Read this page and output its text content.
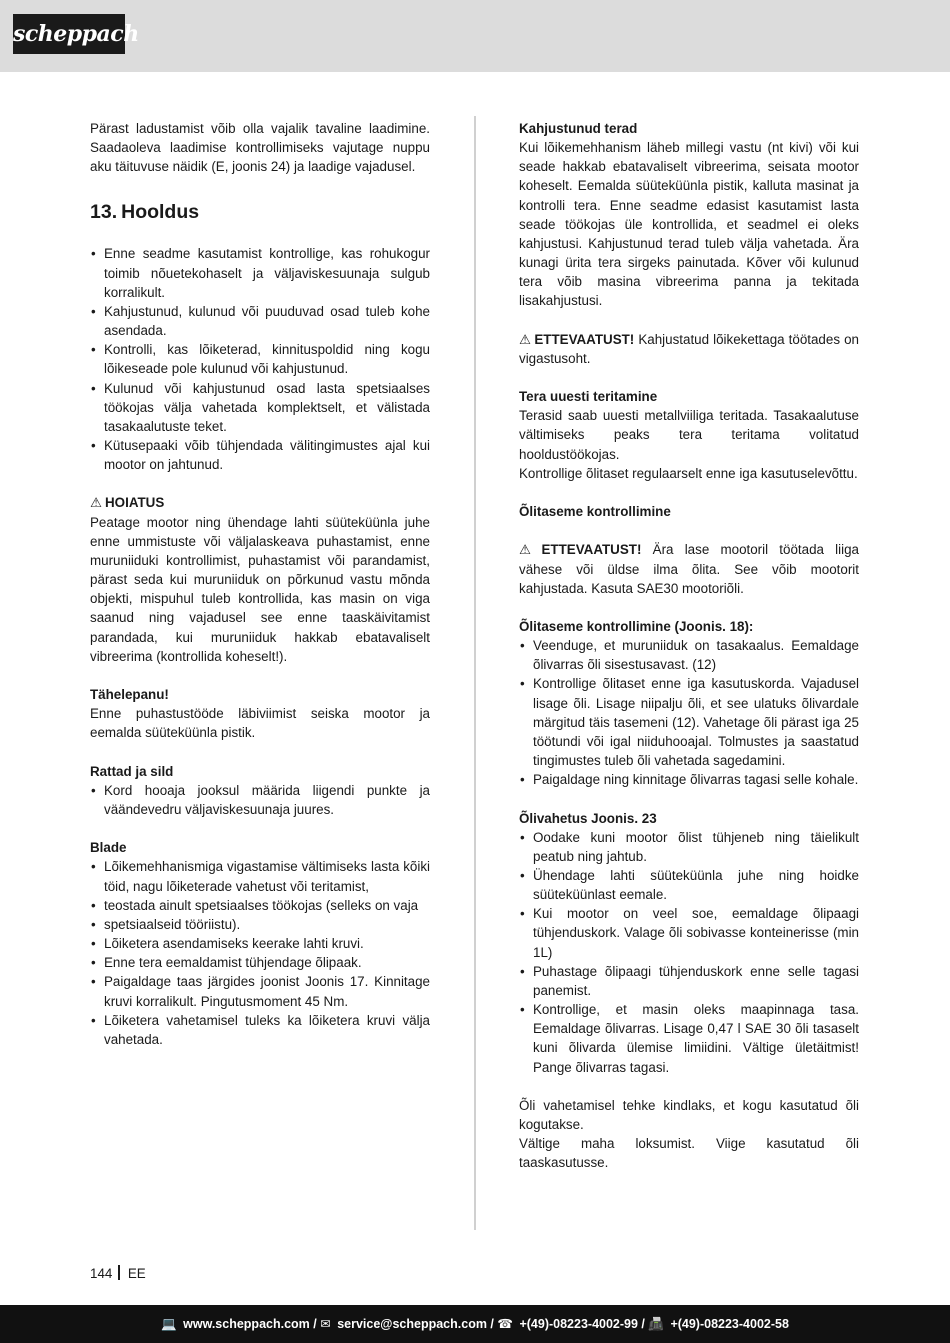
scheppach

Pärast ladustamist võib olla vajalik tavaline laadimine. Saadaoleva laadimise kontrollimiseks vajutage nuppu aku täituvuse näidik (E, joonis 24) ja laadige vajadusel.

13. Hooldus
• Enne seadme kasutamist kontrollige, kas rohukogur toimib nõuetekohaselt ja väljaviskesuunaja sulgub korralikult.
• Kahjustunud, kulunud või puuduvad osad tuleb kohe asendada.
• Kontrolli, kas lõiketerad, kinnituspoldid ning kogu lõikeseade pole kulunud või kahjustunud.
• Kulunud või kahjustunud osad lasta spetsiaalses töökojas välja vahetada komplektselt, et välistada tasakaalutuste teket.
• Kütusepaaki võib tühjendada välitingimustes ajal kui mootor on jahtunud.

⚠ HOIATUS

Peatage mootor ning ühendage lahti süüteküünla juhe enne ummistuste või väljalaskeava puhastamist, enne muruniiduki kontrollimist, puhastamist või parandamist, pärast seda kui muruniiduk on põrkunud vastu mõnda objekti, mispuhul tuleb kontrollida, kas masin on viga saanud ning vajadusel see enne taaskäivitamist parandada, kui muruniiduk hakkab ebatavaliselt vibreerima (kontrollida koheselt!).

Tähelepanu!

Enne puhastustööde läbiviimist seiska mootor ja eemalda süüteküünla pistik.

Rattad ja sild

• Kord hooaja jooksul määrida liigendi punkte ja väändevedru väljaviskesuunaja juures.

Blade

• Lõikemehhanismiga vigastamise vältimiseks lasta kõiki töid, nagu lõiketerade vahetust või teritamist,
• teostada ainult spetsiaalses töökojas (selleks on vaja
• spetsiaalseid tööriistu).
• Lõiketera asendamiseks keerake lahti kruvi.
• Enne tera eemaldamist tühjendage õlipaak.
• Paigaldage taas järgides joonist Joonis 17. Kinnitage kruvi korralikult. Pingutusmoment 45 Nm.
• Lõiketera vahetamisel tuleks ka lõiketera kruvi välja vahetada.

Kahjustunud terad

Kui lõikemehhanism läheb millegi vastu (nt kivi) või kui seade hakkab ebatavaliselt vibreerima, seisata mootor koheselt. Eemalda süüteküünla pistik, kalluta masinat ja kontrolli tera. Enne seadme edasist kasutamist lasta seade töökojas üle kontrollida, et seadmel ei oleks kahjustusi. Kahjustunud terad tuleb välja vahetada. Ära kunagi ürita tera sirgeks painutada. Kõver või kulunud tera võib masina vibreerima panna ja tekitada lisakahjustusi.

⚠ ETTEVAATUST! Kahjustatud lõikekettaga töötades on vigastusoht.

Tera uuesti teritamine

Terasid saab uuesti metallviiliga teritada. Tasakaalutuse vältimiseks peaks tera teritama volitatud hooldustöökojas.

Kontrollige õlitaset regulaarselt enne iga kasutuselevõttu.

Õlitaseme kontrollimine

⚠ ETTEVAATUST! Ära lase mootoril töötada liiga vähese või üldse ilma õlita. See võib mootorit kahjustada. Kasuta SAE30 mootoriõli.

Õlitaseme kontrollimine (Joonis. 18):

• Veenduge, et muruniiduk on tasakaalus. Eemaldage õlivarras õli sisestusavast. (12)
• Kontrollige õlitaset enne iga kasutuskorda. Vajadusel lisage õli. Lisage niipalju õli, et see ulatuks õlivardale märgitud täis tasemeni (12). Vahetage õli pärast iga 25 töötundi või igal niiduhooajal. Tolmustes ja saastatud tingimustes tuleb õli vahetada sagedamini.
• Paigaldage ning kinnitage õlivarras tagasi selle kohale.

Õlivahetus Joonis. 23

• Oodake kuni mootor õlist tühjeneb ning täielikult peatub ning jahtub.
• Ühendage lahti süüteküünla juhe ning hoidke süüteküünlast eemale.
• Kui mootor on veel soe, eemaldage õlipaagi tühjenduskork. Valage õli sobivasse konteinerisse (min 1L)
• Puhastage õlipaagi tühjenduskork enne selle tagasi panemist.
• Kontrollige, et masin oleks maapinnaga tasa. Eemaldage õlivarras. Lisage 0,47 l SAE 30 õli tasaselt kuni õlivarda ülemise limiidini. Vältige ületäitmist! Pange õlivarras tagasi.

Õli vahetamisel tehke kindlaks, et kogu kasutatud õli kogutakse.

Vältige maha loksumist. Viige kasutatud õli taaskasutusse.

144 EE
💻 www.scheppach.com / ✉ service@scheppach.com / ☎ +(49)-08223-4002-99 / 📠 +(49)-08223-4002-58
